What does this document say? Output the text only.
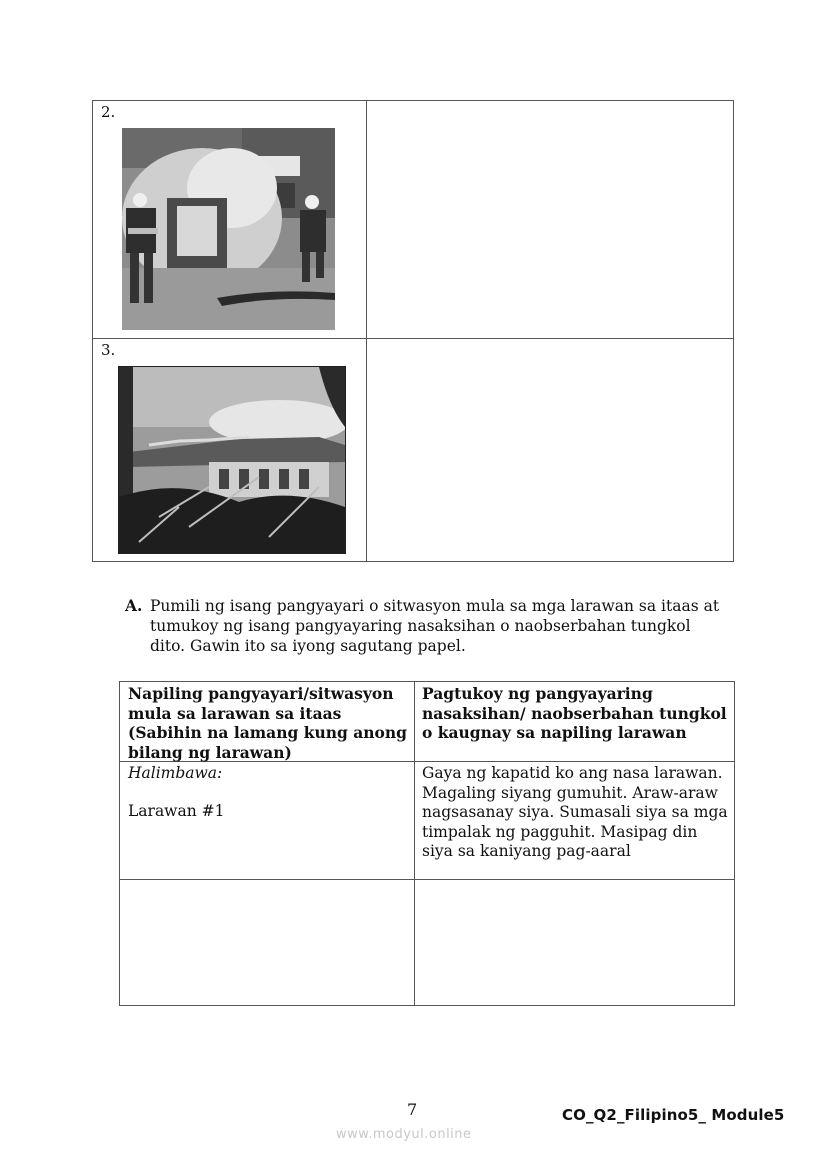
2.
3.
A. Pumili ng isang pangyayari o sitwasyon mula sa mga larawan sa itaas at tumukoy ng isang pangyayaring nasaksihan o naobserbahan tungkol dito. Gawin ito sa iyong sagutang papel.
Napiling pangyayari/sitwasyon mula sa larawan sa itaas (Sabihin na lamang kung anong bilang ng larawan)
Pagtukoy ng pangyayaring nasaksihan/ naobserbahan tungkol o kaugnay sa napiling larawan
Halimbawa:
Larawan #1
Gaya ng kapatid ko ang nasa larawan. Magaling siyang gumuhit. Araw-araw nagsasanay siya. Sumasali siya sa mga timpalak ng pagguhit. Masipag din siya sa kaniyang pag-aaral
7	CO_Q2_Filipino5_ Module5
www.modyul.online
